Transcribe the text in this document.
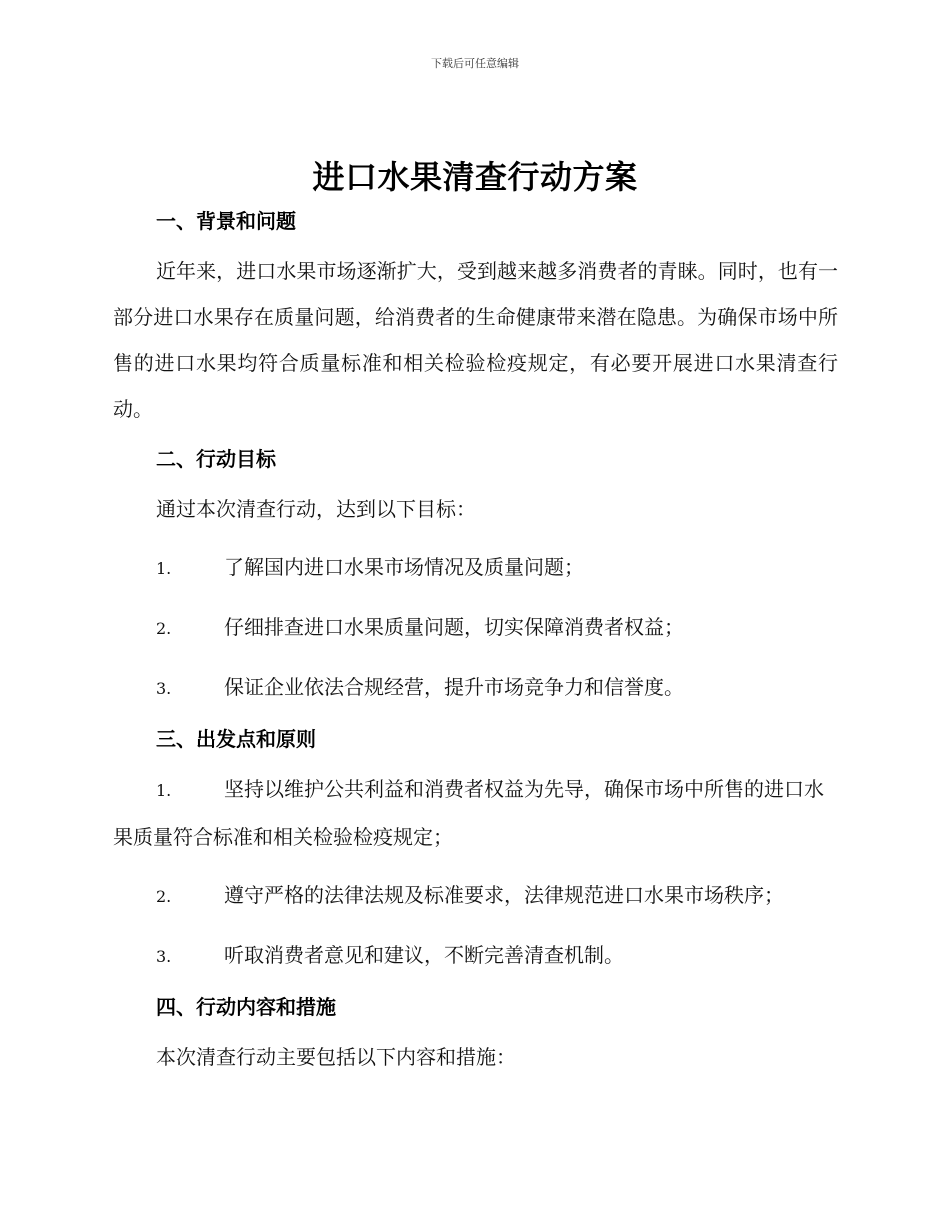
下载后可任意编辑
进口水果清查行动方案
一、背景和问题

近年来，进口水果市场逐渐扩大，受到越来越多消费者的青睐。同时，也有一部分进口水果存在质量问题，给消费者的生命健康带来潜在隐患。为确保市场中所售的进口水果均符合质量标准和相关检验检疫规定，有必要开展进口水果清查行动。

二、行动目标

通过本次清查行动，达到以下目标：

1.	了解国内进口水果市场情况及质量问题；
2.	仔细排查进口水果质量问题，切实保障消费者权益；
3.	保证企业依法合规经营，提升市场竞争力和信誉度。
三、出发点和原则
1.	坚持以维护公共利益和消费者权益为先导，确保市场中所售的进口水果质量符合标准和相关检验检疫规定；
2.	遵守严格的法律法规及标准要求，法律规范进口水果市场秩序；
3.	听取消费者意见和建议，不断完善清查机制。
四、行动内容和措施

本次清查行动主要包括以下内容和措施：
